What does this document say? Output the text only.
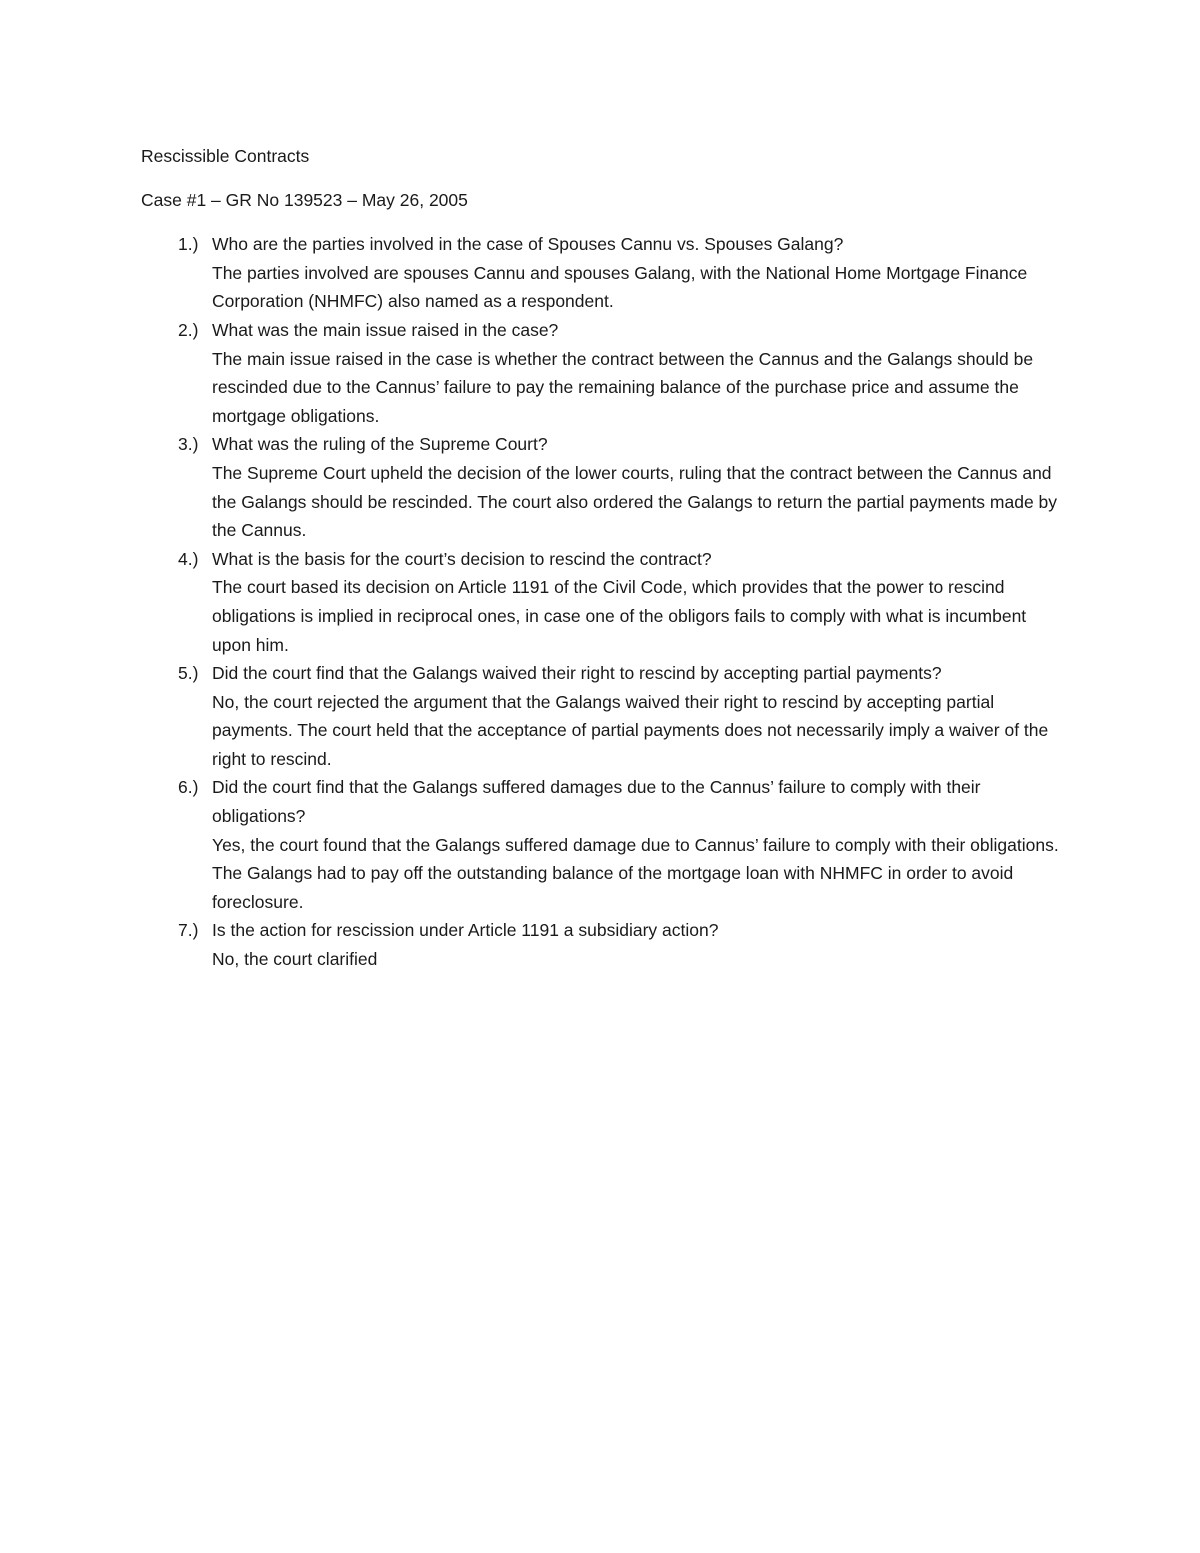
Rescissible Contracts

Case #1 – GR No 139523 – May 26, 2005

1.) Who are the parties involved in the case of Spouses Cannu vs. Spouses Galang?

The parties involved are spouses Cannu and spouses Galang, with the National Home Mortgage Finance Corporation (NHMFC) also named as a respondent.

2.) What was the main issue raised in the case?

The main issue raised in the case is whether the contract between the Cannus and the Galangs should be rescinded due to the Cannus’ failure to pay the remaining balance of the purchase price and assume the mortgage obligations.

3.) What was the ruling of the Supreme Court?

The Supreme Court upheld the decision of the lower courts, ruling that the contract between the Cannus and the Galangs should be rescinded. The court also ordered the Galangs to return the partial payments made by the Cannus.

4.) What is the basis for the court’s decision to rescind the contract?

The court based its decision on Article 1191 of the Civil Code, which provides that the power to rescind obligations is implied in reciprocal ones, in case one of the obligors fails to comply with what is incumbent upon him.

5.) Did the court find that the Galangs waived their right to rescind by accepting partial payments?

No, the court rejected the argument that the Galangs waived their right to rescind by accepting partial payments. The court held that the acceptance of partial payments does not necessarily imply a waiver of the right to rescind.

6.) Did the court find that the Galangs suffered damages due to the Cannus’ failure to comply with their obligations?

Yes, the court found that the Galangs suffered damage due to Cannus’ failure to comply with their obligations. The Galangs had to pay off the outstanding balance of the mortgage loan with NHMFC in order to avoid foreclosure.

7.) Is the action for rescission under Article 1191 a subsidiary action?

No, the court clarified
